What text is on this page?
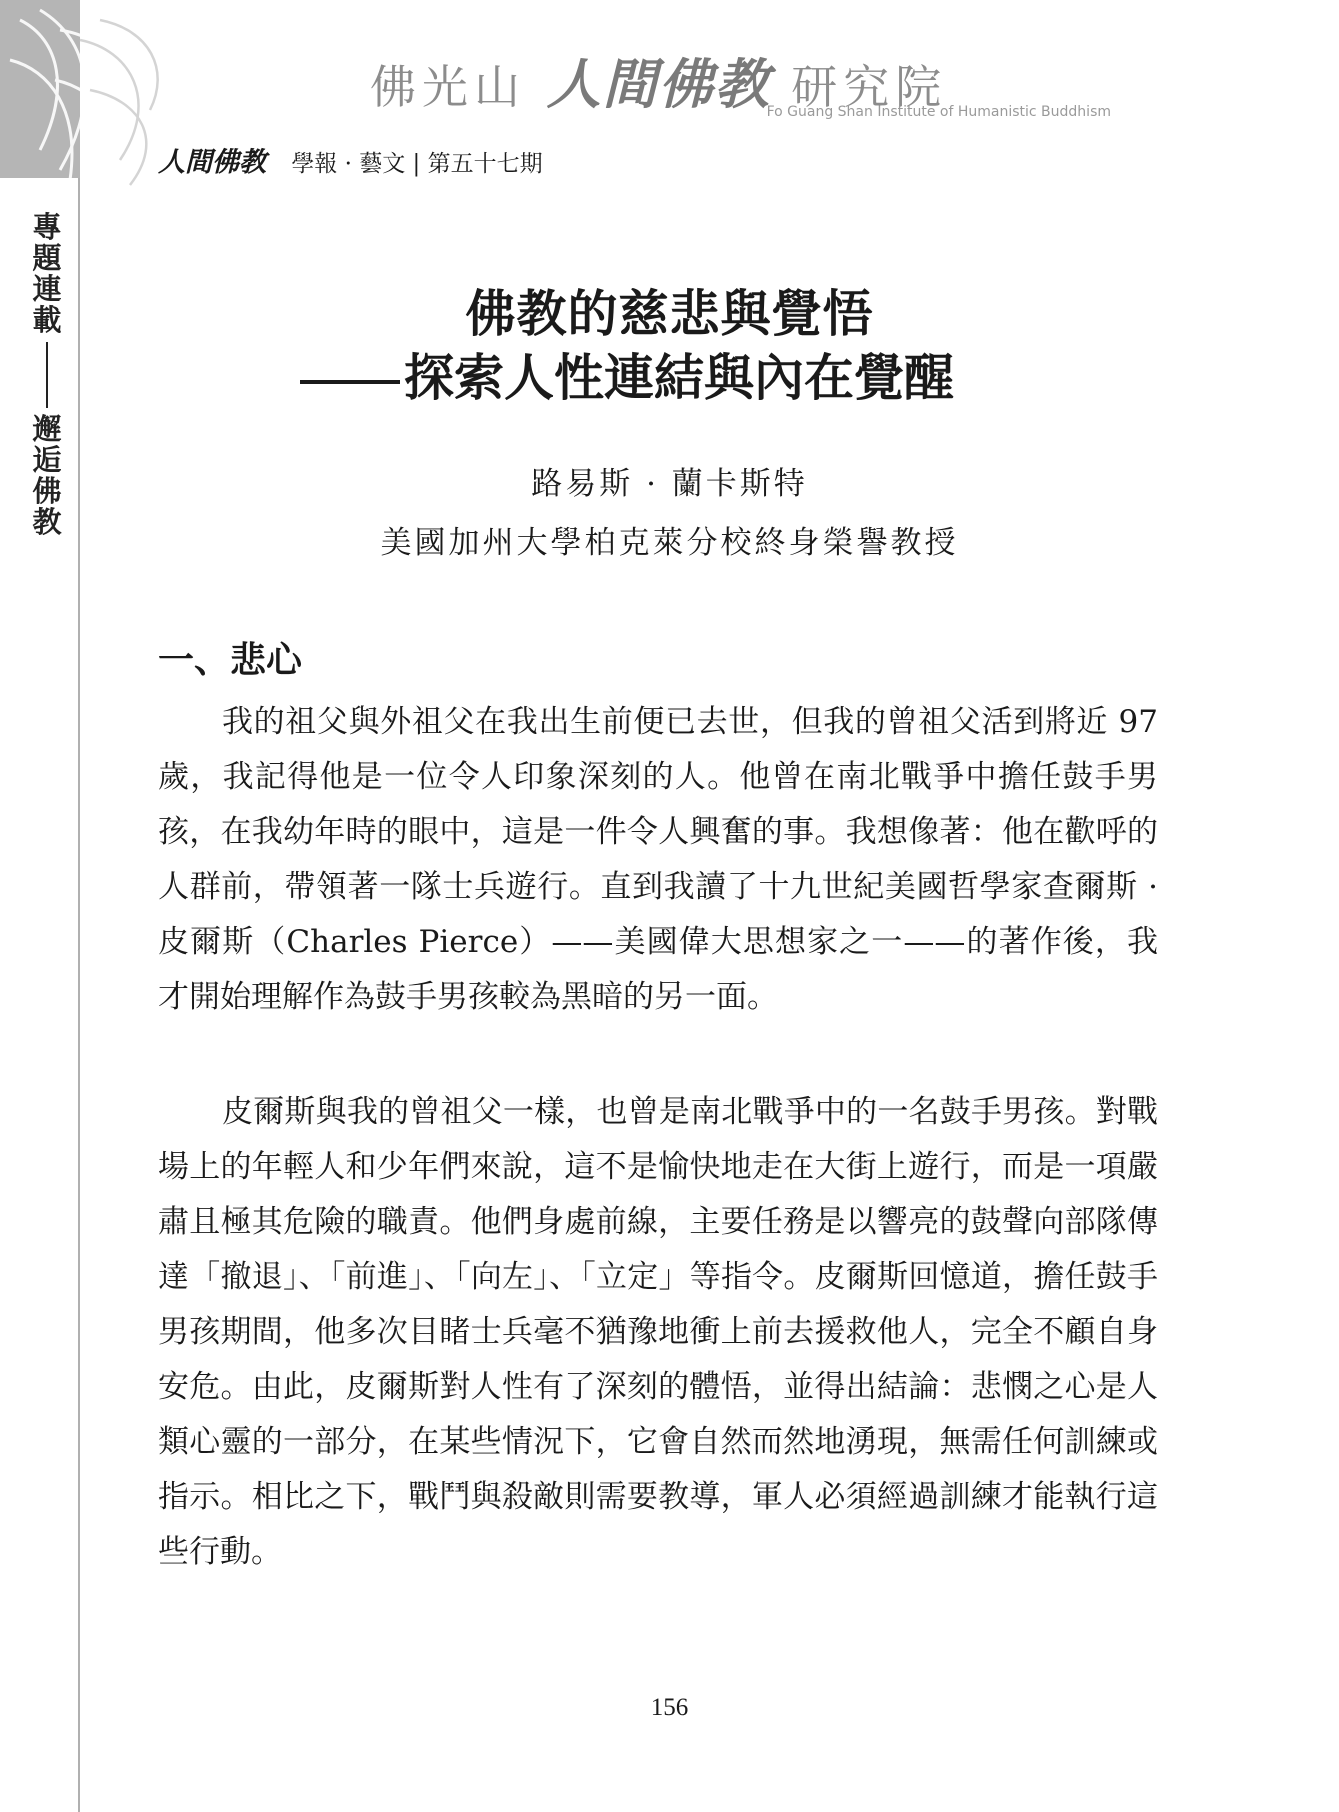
專題連載
邂逅佛教
佛光山 人間佛教 研究院
Fo Guang Shan Institute of Humanistic Buddhism
人間佛教 學報 · 藝文 | 第五十七期
佛教的慈悲與覺悟
探索人性連結與內在覺醒
路易斯 · 蘭卡斯特
美國加州大學柏克萊分校終身榮譽教授
一、悲心

我的祖父與外祖父在我出生前便已去世，但我的曾祖父活到將近 97 歲，我記得他是一位令人印象深刻的人。他曾在南北戰爭中擔任鼓手男孩，在我幼年時的眼中，這是一件令人興奮的事。我想像著：他在歡呼的人群前，帶領著一隊士兵遊行。直到我讀了十九世紀美國哲學家查爾斯 · 皮爾斯（Charles Pierce）——美國偉大思想家之一——的著作後，我才開始理解作為鼓手男孩較為黑暗的另一面。

皮爾斯與我的曾祖父一樣，也曾是南北戰爭中的一名鼓手男孩。對戰場上的年輕人和少年們來說，這不是愉快地走在大街上遊行，而是一項嚴肅且極其危險的職責。他們身處前線，主要任務是以響亮的鼓聲向部隊傳達「撤退」、「前進」、「向左」、「立定」等指令。皮爾斯回憶道，擔任鼓手男孩期間，他多次目睹士兵毫不猶豫地衝上前去援救他人，完全不顧自身安危。由此，皮爾斯對人性有了深刻的體悟，並得出結論：悲憫之心是人類心靈的一部分，在某些情況下，它會自然而然地湧現，無需任何訓練或指示。相比之下，戰鬥與殺敵則需要教導，軍人必須經過訓練才能執行這些行動。

156
